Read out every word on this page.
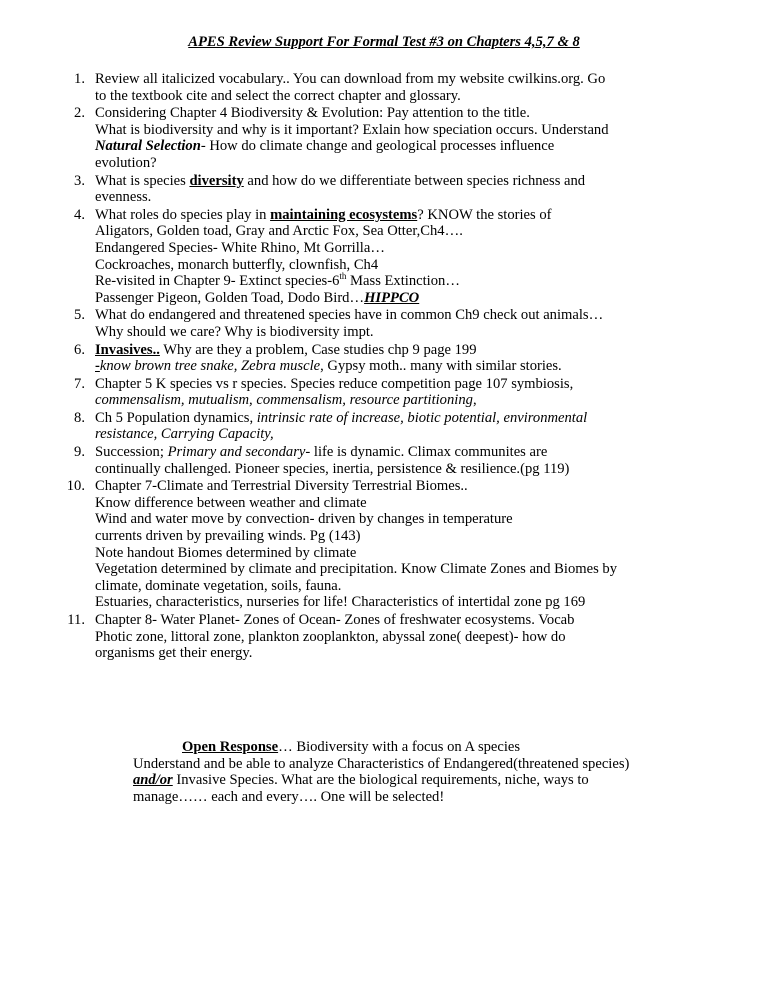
APES Review Support For Formal Test #3 on Chapters 4,5,7 & 8
1. Review all italicized vocabulary.. You can download from my website cwilkins.org. Go
to the textbook cite and select the correct chapter and glossary.
2. Considering Chapter 4 Biodiversity & Evolution: Pay attention to the title.
What is biodiversity and why is it important? Exlain how speciation occurs. Understand
Natural Selection- How do climate change and geological processes influence
evolution?
3. What is species diversity and how do we differentiate between species richness and
evenness.
4. What roles do species play in maintaining ecosystems? KNOW the stories of
Aligators, Golden toad, Gray and Arctic Fox, Sea Otter,Ch4….
Endangered Species- White Rhino, Mt Gorrilla…
Cockroaches, monarch butterfly, clownfish, Ch4
Re-visited in Chapter 9- Extinct species-6th Mass Extinction…
Passenger Pigeon, Golden Toad, Dodo Bird…HIPPCO
5. What do endangered and threatened species have in common Ch9 check out animals…
Why should we care? Why is biodiversity impt.
6. Invasives.. Why are they a problem, Case studies chp 9 page 199
-know brown tree snake, Zebra muscle, Gypsy moth.. many with similar stories.
7. Chapter 5 K species vs r species. Species reduce competition page 107 symbiosis,
commensalism, mutualism, commensalism, resource partitioning,
8. Ch 5 Population dynamics, intrinsic rate of increase, biotic potential, environmental
resistance, Carrying Capacity,
9. Succession; Primary and secondary- life is dynamic. Climax communites are
continually challenged. Pioneer species, inertia, persistence & resilience.(pg 119)
10. Chapter 7-Climate and Terrestrial Diversity Terrestrial Biomes..
Know difference between weather and climate
Wind and water move by convection- driven by changes in temperature
currents driven by prevailing winds. Pg (143)
Note handout Biomes determined by climate
Vegetation determined by climate and precipitation. Know Climate Zones and Biomes by
climate, dominate vegetation, soils, fauna.
Estuaries, characteristics, nurseries for life! Characteristics of intertidal zone pg 169
11. Chapter 8- Water Planet- Zones of Ocean- Zones of freshwater ecosystems. Vocab
Photic zone, littoral zone, plankton zooplankton, abyssal zone( deepest)- how do
organisms get their energy.
Open Response… Biodiversity with a focus on A species
Understand and be able to analyze Characteristics of Endangered(threatened species)
and/or Invasive Species. What are the biological requirements, niche, ways to
manage…… each and every…. One will be selected!
